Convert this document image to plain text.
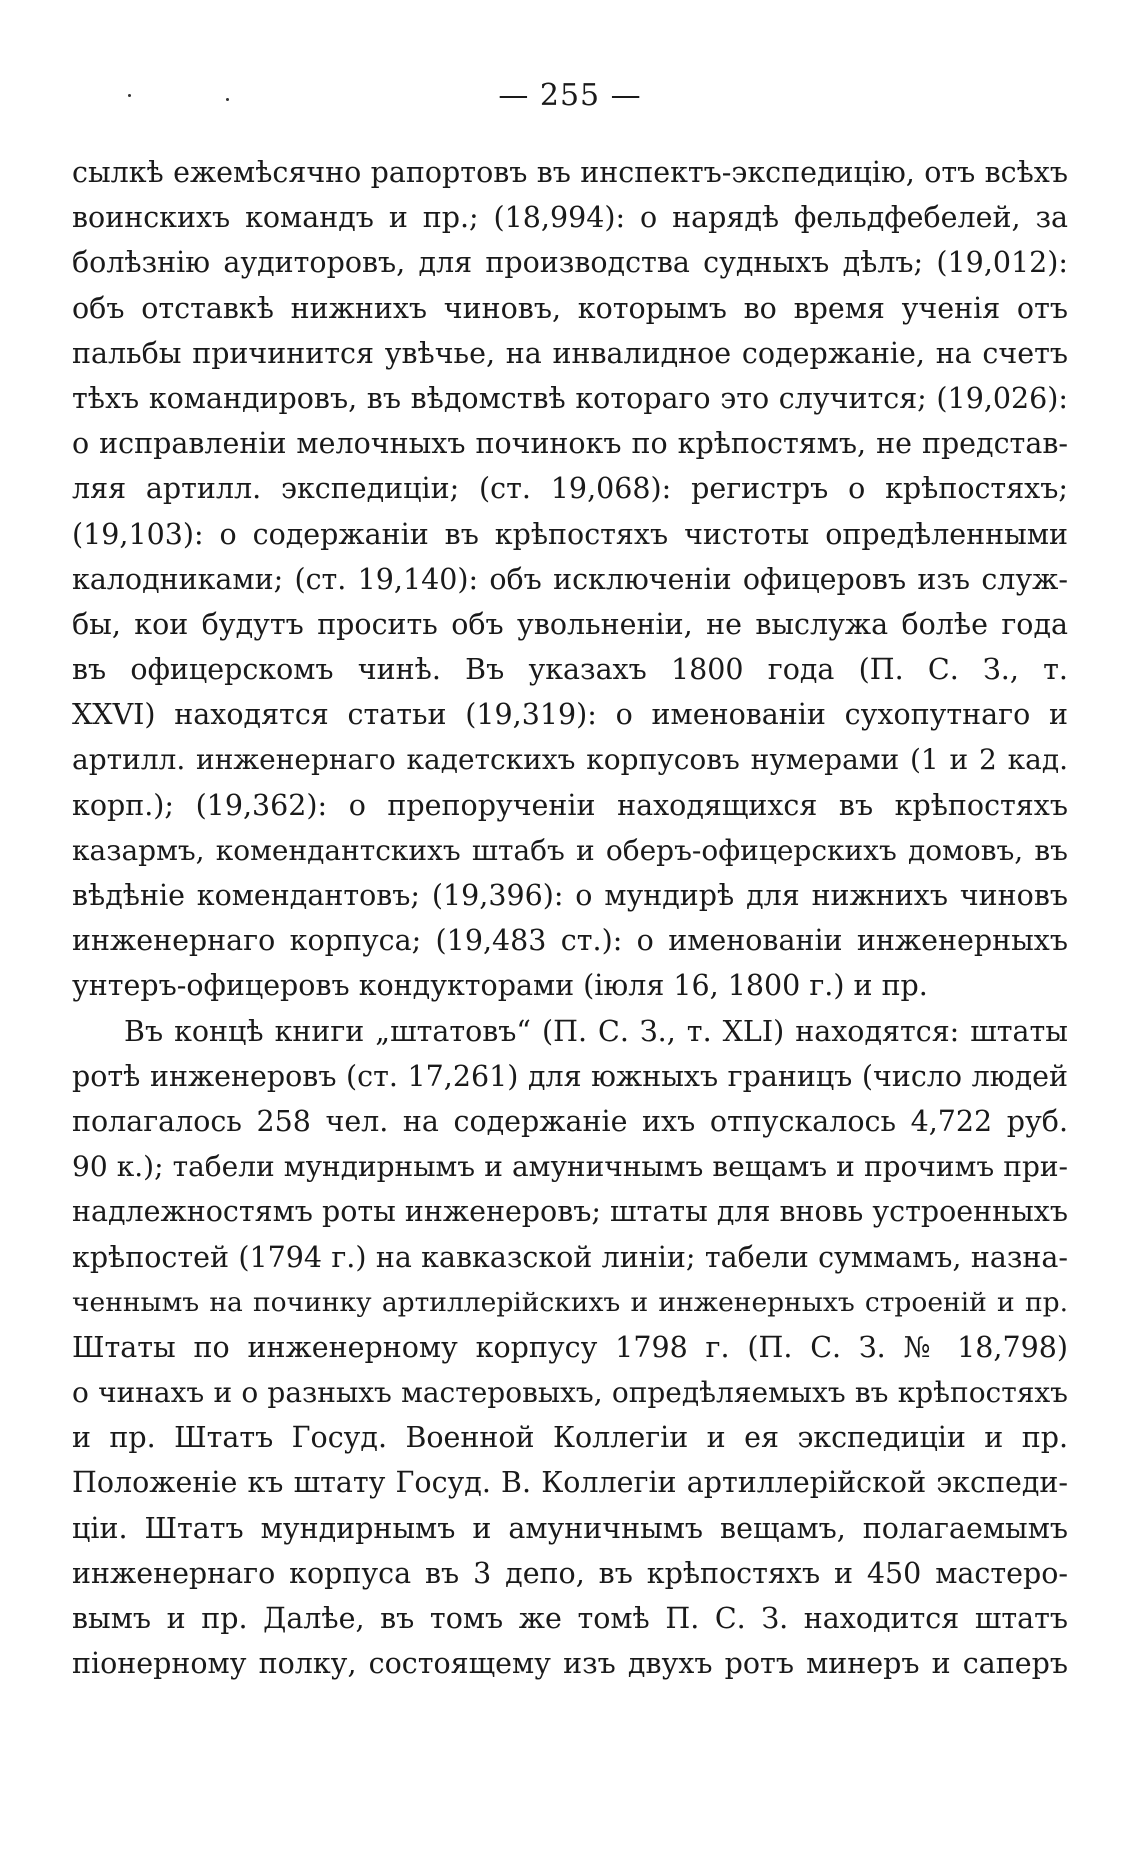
— 255 —
сылкѣ ежемѣсячно рапортовъ въ инспектъ-экспедицію, отъ всѣхъ
воинскихъ командъ и пр.; (18,994): о нарядѣ фельдфебелей, за
болѣзнію аудиторовъ, для производства судныхъ дѣлъ; (19,012):
объ отставкѣ нижнихъ чиновъ, которымъ во время ученія отъ
пальбы причинится увѣчье, на инвалидное содержаніе, на счетъ
тѣхъ командировъ, въ вѣдомствѣ котораго это случится; (19,026):
о исправленіи мелочныхъ починокъ по крѣпостямъ, не представ-
ляя артилл. экспедиціи; (ст. 19,068): регистръ о крѣпостяхъ;
(19,103): о содержаніи въ крѣпостяхъ чистоты опредѣленными
калодниками; (ст. 19,140): объ исключеніи офицеровъ изъ служ-
бы, кои будутъ просить объ увольненіи, не выслужа болѣе года
въ офицерскомъ чинѣ. Въ указахъ 1800 года (П. С. З., т.
XXVI) находятся статьи (19,319): о именованіи сухопутнаго и
артилл. инженернаго кадетскихъ корпусовъ нумерами (1 и 2 кад.
корп.); (19,362): о препорученіи находящихся въ крѣпостяхъ
казармъ, комендантскихъ штабъ и оберъ-офицерскихъ домовъ, въ
вѣдѣніе комендантовъ; (19,396): о мундирѣ для нижнихъ чиновъ
инженернаго корпуса; (19,483 ст.): о именованіи инженерныхъ
унтеръ-офицеровъ кондукторами (іюля 16, 1800 г.) и пр.
Въ концѣ книги „штатовъ“ (П. С. З., т. XLI) находятся: штаты
ротѣ инженеровъ (ст. 17,261) для южныхъ границъ (число людей
полагалось 258 чел. на содержаніе ихъ отпускалось 4,722 руб.
90 к.); табели мундирнымъ и амуничнымъ вещамъ и прочимъ при-
надлежностямъ роты инженеровъ; штаты для вновь устроенныхъ
крѣпостей (1794 г.) на кавказской линіи; табели суммамъ, назна-
ченнымъ на починку артиллерійскихъ и инженерныхъ строеній и пр.
Штаты по инженерному корпусу 1798 г. (П. С. З. № 18,798)
о чинахъ и о разныхъ мастеровыхъ, опредѣляемыхъ въ крѣпостяхъ
и пр. Штатъ Госуд. Военной Коллегіи и ея экспедиціи и пр.
Положеніе къ штату Госуд. В. Коллегіи артиллерійской экспеди-
ціи. Штатъ мундирнымъ и амуничнымъ вещамъ, полагаемымъ
инженернаго корпуса въ 3 депо, въ крѣпостяхъ и 450 мастеро-
вымъ и пр. Далѣе, въ томъ же томѣ П. С. З. находится штатъ
піонерному полку, состоящему изъ двухъ ротъ минеръ и саперъ
